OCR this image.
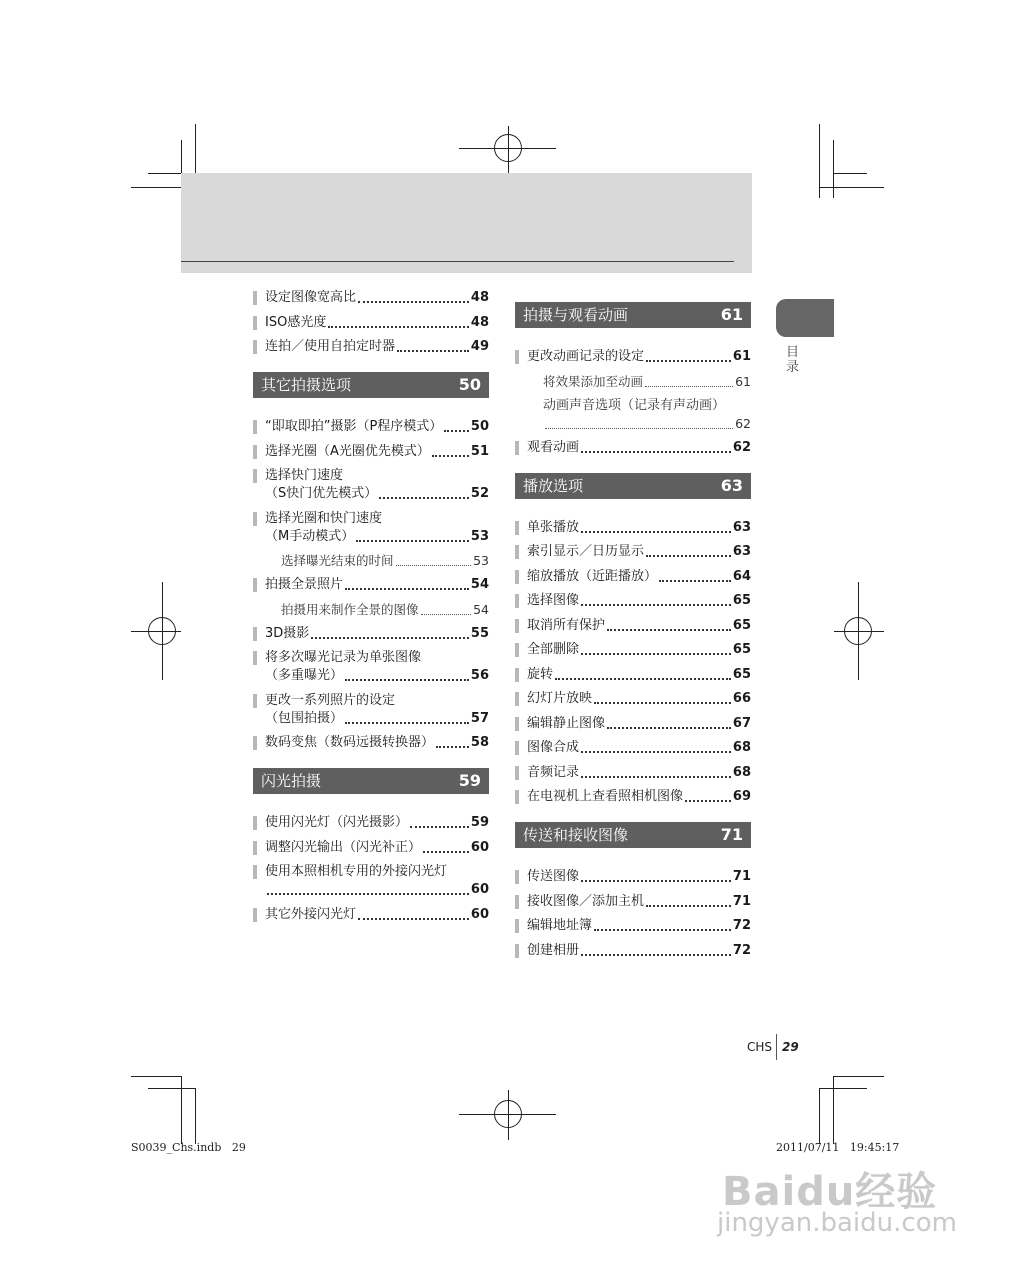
设定图像宽高比	48
ISO感光度	48
连拍／使用自拍定时器	49
其它拍摄选项	50
“即取即拍”摄影（P程序模式） 50
选择光圈（A光圈优先模式）	51
选择快门速度
（S快门优先模式）	52
选择光圈和快门速度
（M手动模式）	53
选择曝光结束的时间	53
拍摄全景照片	54
拍摄用来制作全景的图像	54
3D摄影	55
将多次曝光记录为单张图像
（多重曝光）	56
更改一系列照片的设定
（包围拍摄）	57
数码变焦（数码远摄转换器）	58
闪光拍摄	59
使用闪光灯（闪光摄影）	59
调整闪光输出（闪光补正）	60
使用本照相机专用的外接闪光灯
60
其它外接闪光灯	60
拍摄与观看动画	61
更改动画记录的设定	61
将效果添加至动画	61
动画声音选项（记录有声动画）
62
观看动画	62
播放选项	63
单张播放	63
索引显示／日历显示	63
缩放播放（近距播放）	64
选择图像	65
取消所有保护	65
全部删除	65
旋转	65
幻灯片放映	66
编辑静止图像	67
图像合成	68
音频记录	68
在电视机上查看照相机图像	69
传送和接收图像	71
传送图像	71
接收图像／添加主机	71
编辑地址簿	72
创建相册	72
目录
CHS 29
S0039_Chs.indb   29	2011/07/11   19:45:17
Baidu经验
jingyan.baidu.com
